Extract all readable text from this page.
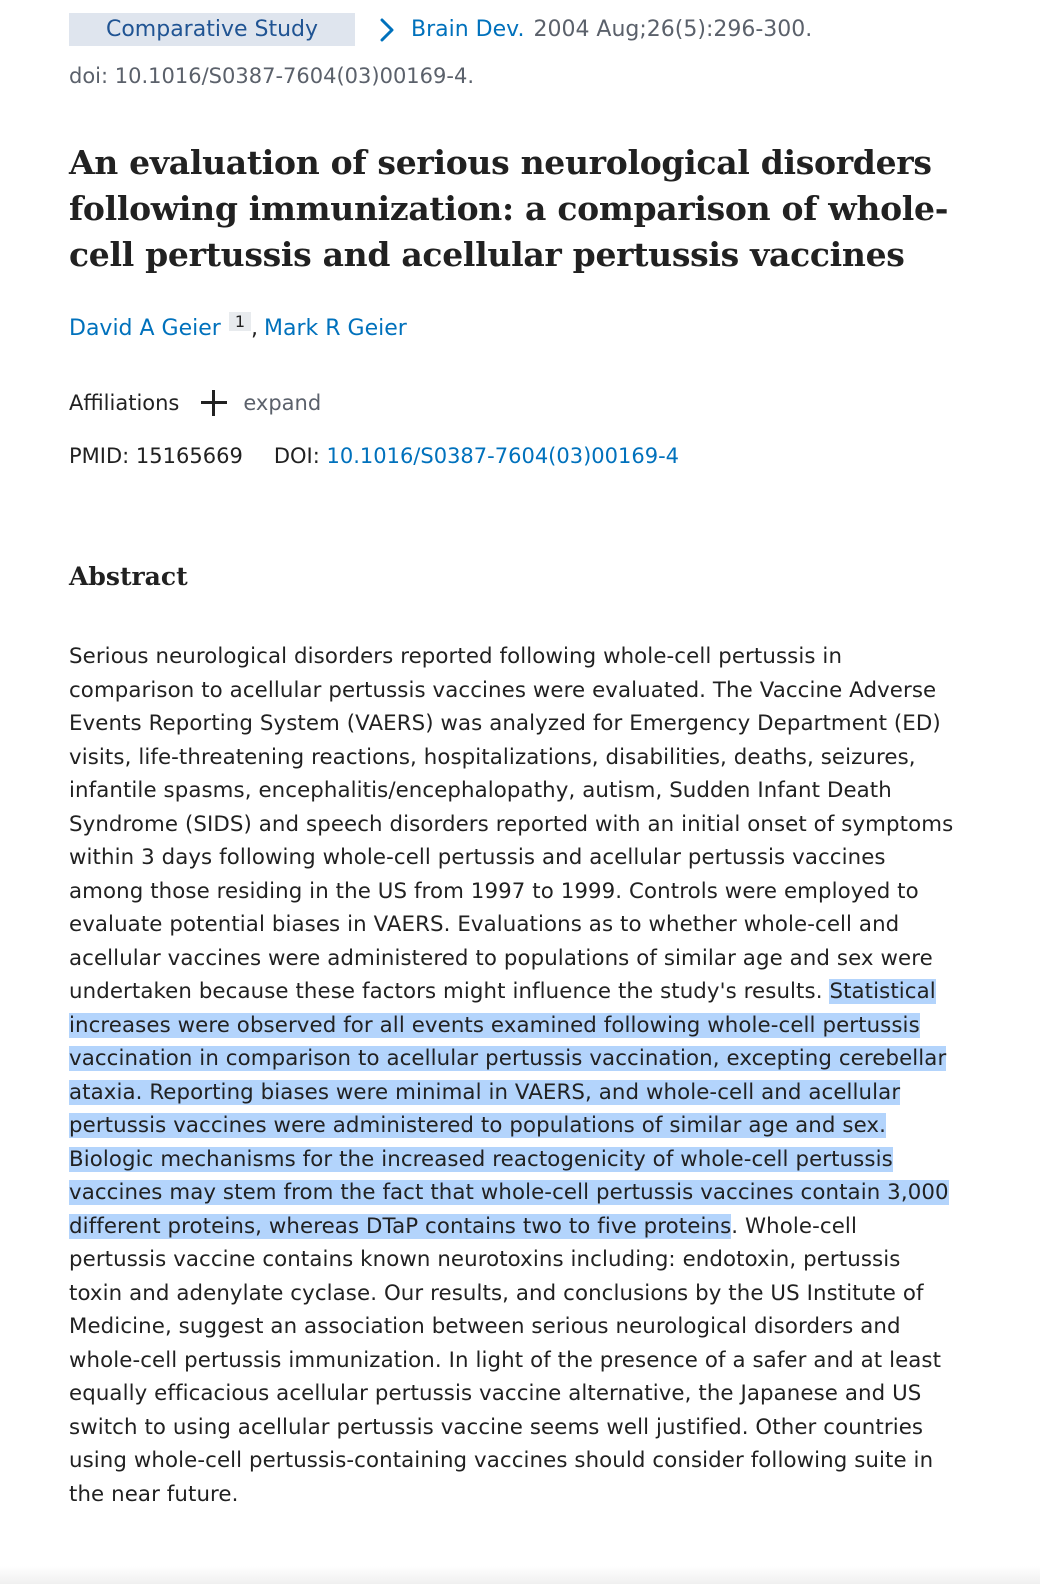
Comparative Study	Brain Dev. 2004 Aug;26(5):296-300.
doi: 10.1016/S0387-7604(03)00169-4.
An evaluation of serious neurological disorders following immunization: a comparison of whole-cell pertussis and acellular pertussis vaccines
David A Geier 1 , Mark R Geier
Affiliations	expand
PMID:
15165669 DOI:
10.1016/S0387-7604(03)00169-4
Abstract

Serious neurological disorders reported following whole-cell pertussis in comparison to acellular pertussis vaccines were evaluated. The Vaccine Adverse Events Reporting System (VAERS) was analyzed for Emergency Department (ED) visits, life-threatening reactions, hospitalizations, disabilities, deaths, seizures, infantile spasms, encephalitis/encephalopathy, autism, Sudden Infant Death Syndrome (SIDS) and speech disorders reported with an initial onset of symptoms within 3 days following whole-cell pertussis and acellular pertussis vaccines among those residing in the US from 1997 to 1999. Controls were employed to evaluate potential biases in VAERS. Evaluations as to whether whole-cell and acellular vaccines were administered to populations of similar age and sex were undertaken because these factors might influence the study's results. Statistical increases were observed for all events examined following whole-cell pertussis vaccination in comparison to acellular pertussis vaccination, excepting cerebellar ataxia. Reporting biases were minimal in VAERS, and whole-cell and acellular pertussis vaccines were administered to populations of similar age and sex. Biologic mechanisms for the increased reactogenicity of whole-cell pertussis vaccines may stem from the fact that whole-cell pertussis vaccines contain 3,000 different proteins, whereas DTaP contains two to five proteins. Whole-cell pertussis vaccine contains known neurotoxins including: endotoxin, pertussis toxin and adenylate cyclase. Our results, and conclusions by the US Institute of Medicine, suggest an association between serious neurological disorders and whole-cell pertussis immunization. In light of the presence of a safer and at least equally efficacious acellular pertussis vaccine alternative, the Japanese and US switch to using acellular pertussis vaccine seems well justified. Other countries using whole-cell pertussis-containing vaccines should consider following suite in the near future.
